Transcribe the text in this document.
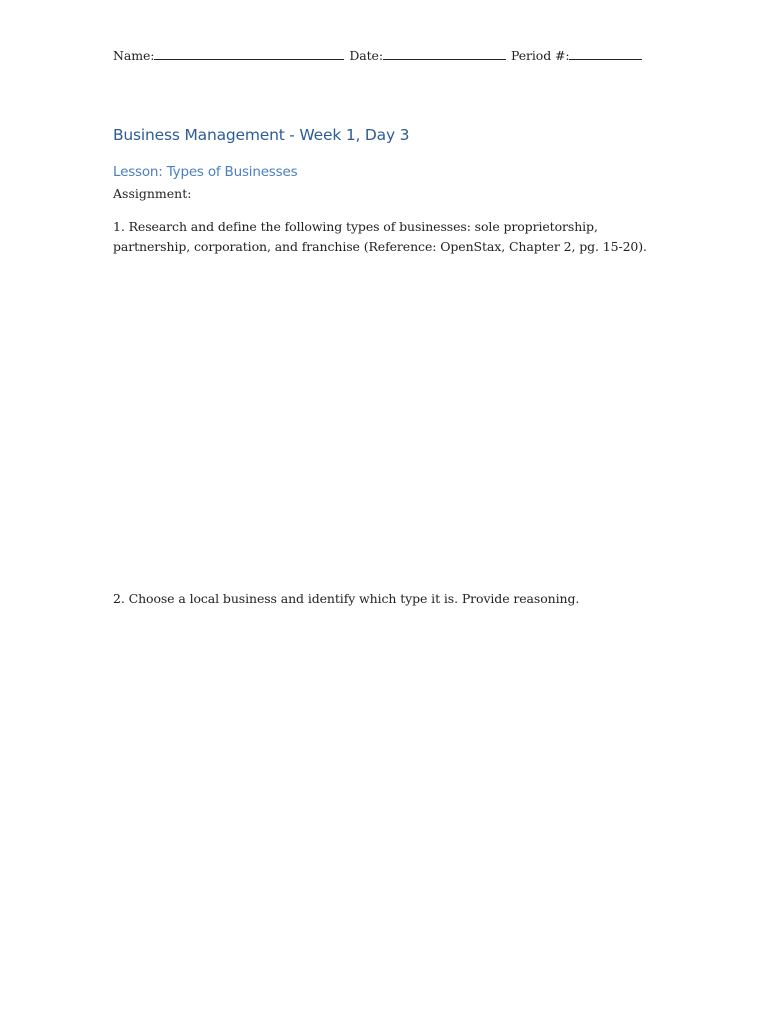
Name:	Date:	Period #:
Business Management - Week 1, Day 3
Lesson: Types of Businesses
Assignment:
1. Research and define the following types of businesses: sole proprietorship, partnership, corporation, and franchise (Reference: OpenStax, Chapter 2, pg. 15-20).
2. Choose a local business and identify which type it is. Provide reasoning.
